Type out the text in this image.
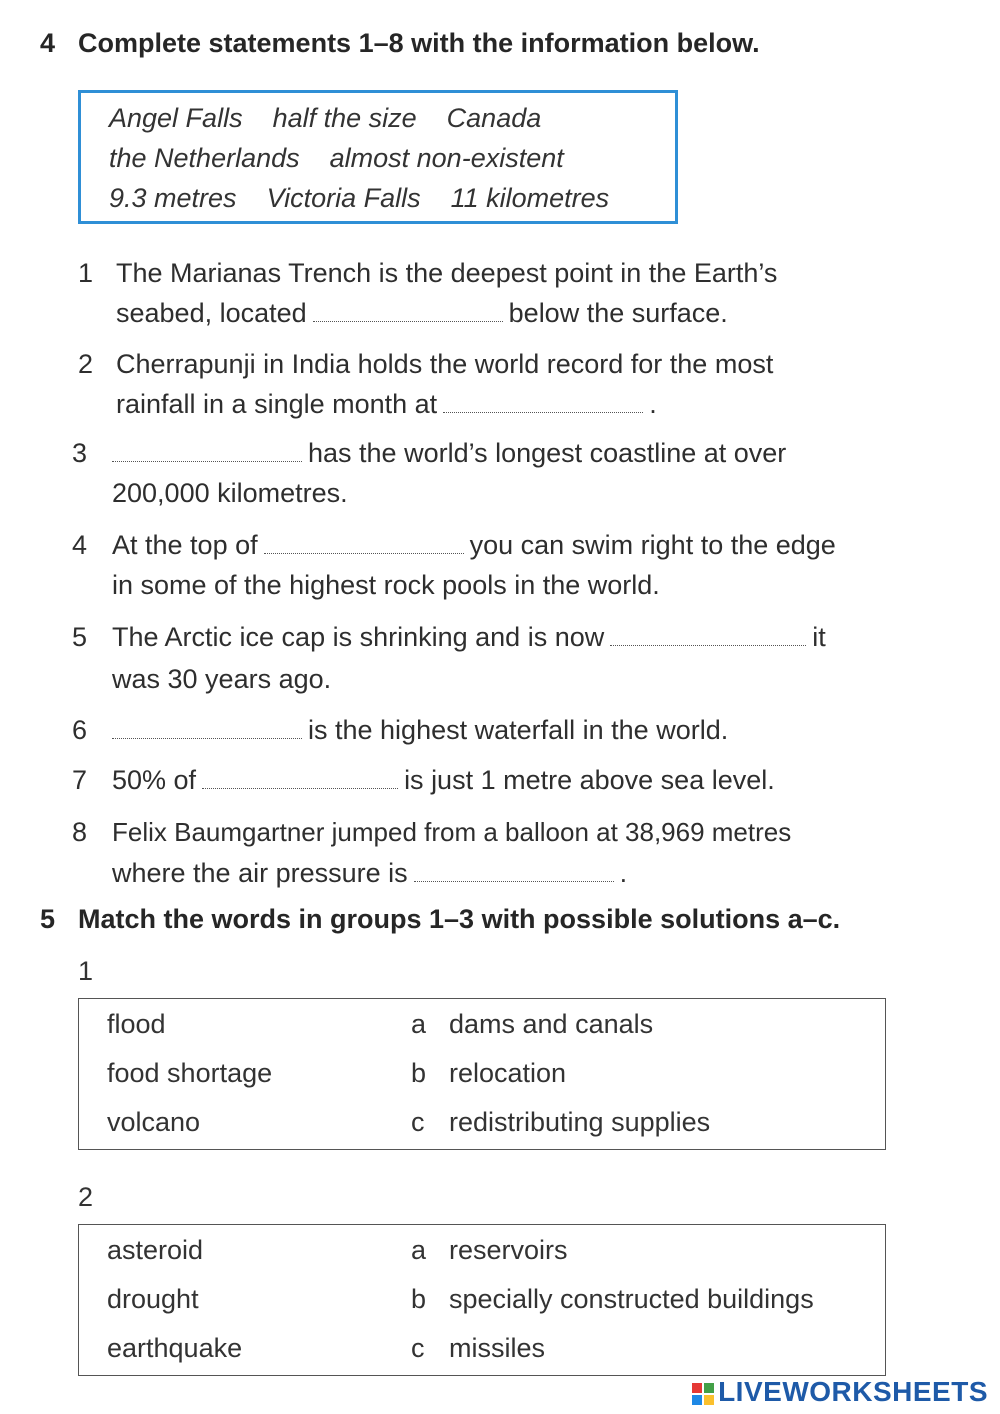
4 Complete statements 1–8 with the information below.
Angel Falls half the size Canada
the Netherlands almost non-existent
9.3 metres Victoria Falls 11 kilometres
1 The Marianas Trench is the deepest point in the Earth’s
seabed, located	below the surface.
2 Cherrapunji in India holds the world record for the most
rainfall in a single month at	.
3	has the world’s longest coastline at over
200,000 kilometres.
4 At the top of	you can swim right to the edge
in some of the highest rock pools in the world.
5 The Arctic ice cap is shrinking and is now	it
was 30 years ago.
6	is the highest waterfall in the world.
7 50% of	is just 1 metre above sea level.
8 Felix Baumgartner jumped from a balloon at 38,969 metres
where the air pressure is	.
5 Match the words in groups 1–3 with possible solutions a–c.
1
flood	a dams and canals
food shortage	b relocation
volcano	c redistributing supplies
2
asteroid	a reservoirs
drought	b specially constructed buildings
earthquake	c missiles
LIVEWORKSHEETS
